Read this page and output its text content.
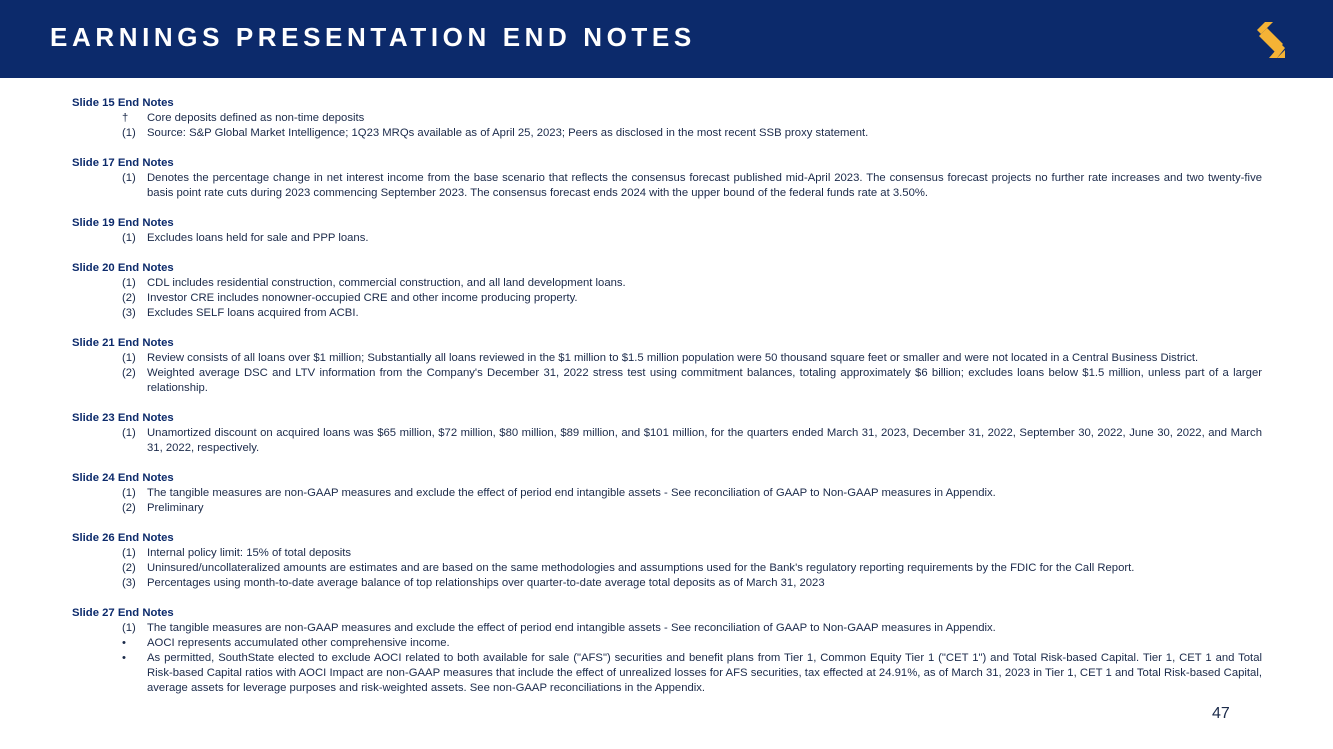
EARNINGS PRESENTATION END NOTES
Slide 15 End Notes
†	Core deposits defined as non-time deposits
(1) Source: S&P Global Market Intelligence; 1Q23 MRQs available as of April 25, 2023; Peers as disclosed in the most recent SSB proxy statement.
Slide 17 End Notes
(1) Denotes the percentage change in net interest income from the base scenario that reflects the consensus forecast published mid-April 2023. The consensus forecast projects no further rate increases and two twenty-five basis point rate cuts during 2023 commencing September 2023. The consensus forecast ends 2024 with the upper bound of the federal funds rate at 3.50%.
Slide 19 End Notes
(1) Excludes loans held for sale and PPP loans.
Slide 20 End Notes
(1) CDL includes residential construction, commercial construction, and all land development loans.
(2) Investor CRE includes nonowner-occupied CRE and other income producing property.
(3) Excludes SELF loans acquired from ACBI.
Slide 21 End Notes
(1) Review consists of all loans over $1 million; Substantially all loans reviewed in the $1 million to $1.5 million population were 50 thousand square feet or smaller and were not located in a Central Business District.
(2) Weighted average DSC and LTV information from the Company's December 31, 2022 stress test using commitment balances, totaling approximately $6 billion; excludes loans below $1.5 million, unless part of a larger relationship.
Slide 23 End Notes
(1) Unamortized discount on acquired loans was $65 million, $72 million, $80 million, $89 million, and $101 million, for the quarters ended March 31, 2023, December 31, 2022, September 30, 2022, June 30, 2022, and March 31, 2022, respectively.
Slide 24 End Notes
(1) The tangible measures are non-GAAP measures and exclude the effect of period end intangible assets - See reconciliation of GAAP to Non-GAAP measures in Appendix.
(2) Preliminary
Slide 26 End Notes
(1) Internal policy limit: 15% of total deposits
(2) Uninsured/uncollateralized amounts are estimates and are based on the same methodologies and assumptions used for the Bank's regulatory reporting requirements by the FDIC for the Call Report.
(3) Percentages using month-to-date average balance of top relationships over quarter-to-date average total deposits as of March 31, 2023
Slide 27 End Notes
(1) The tangible measures are non-GAAP measures and exclude the effect of period end intangible assets - See reconciliation of GAAP to Non-GAAP measures in Appendix.
•	AOCI represents accumulated other comprehensive income.
•	As permitted, SouthState elected to exclude AOCI related to both available for sale ("AFS") securities and benefit plans from Tier 1, Common Equity Tier 1 ("CET 1") and Total Risk-based Capital. Tier 1, CET 1 and Total Risk-based Capital ratios with AOCI Impact are non-GAAP measures that include the effect of unrealized losses for AFS securities, tax effected at 24.91%, as of March 31, 2023 in Tier 1, CET 1 and Total Risk-based Capital, average assets for leverage purposes and risk-weighted assets. See non-GAAP reconciliations in the Appendix.
47
